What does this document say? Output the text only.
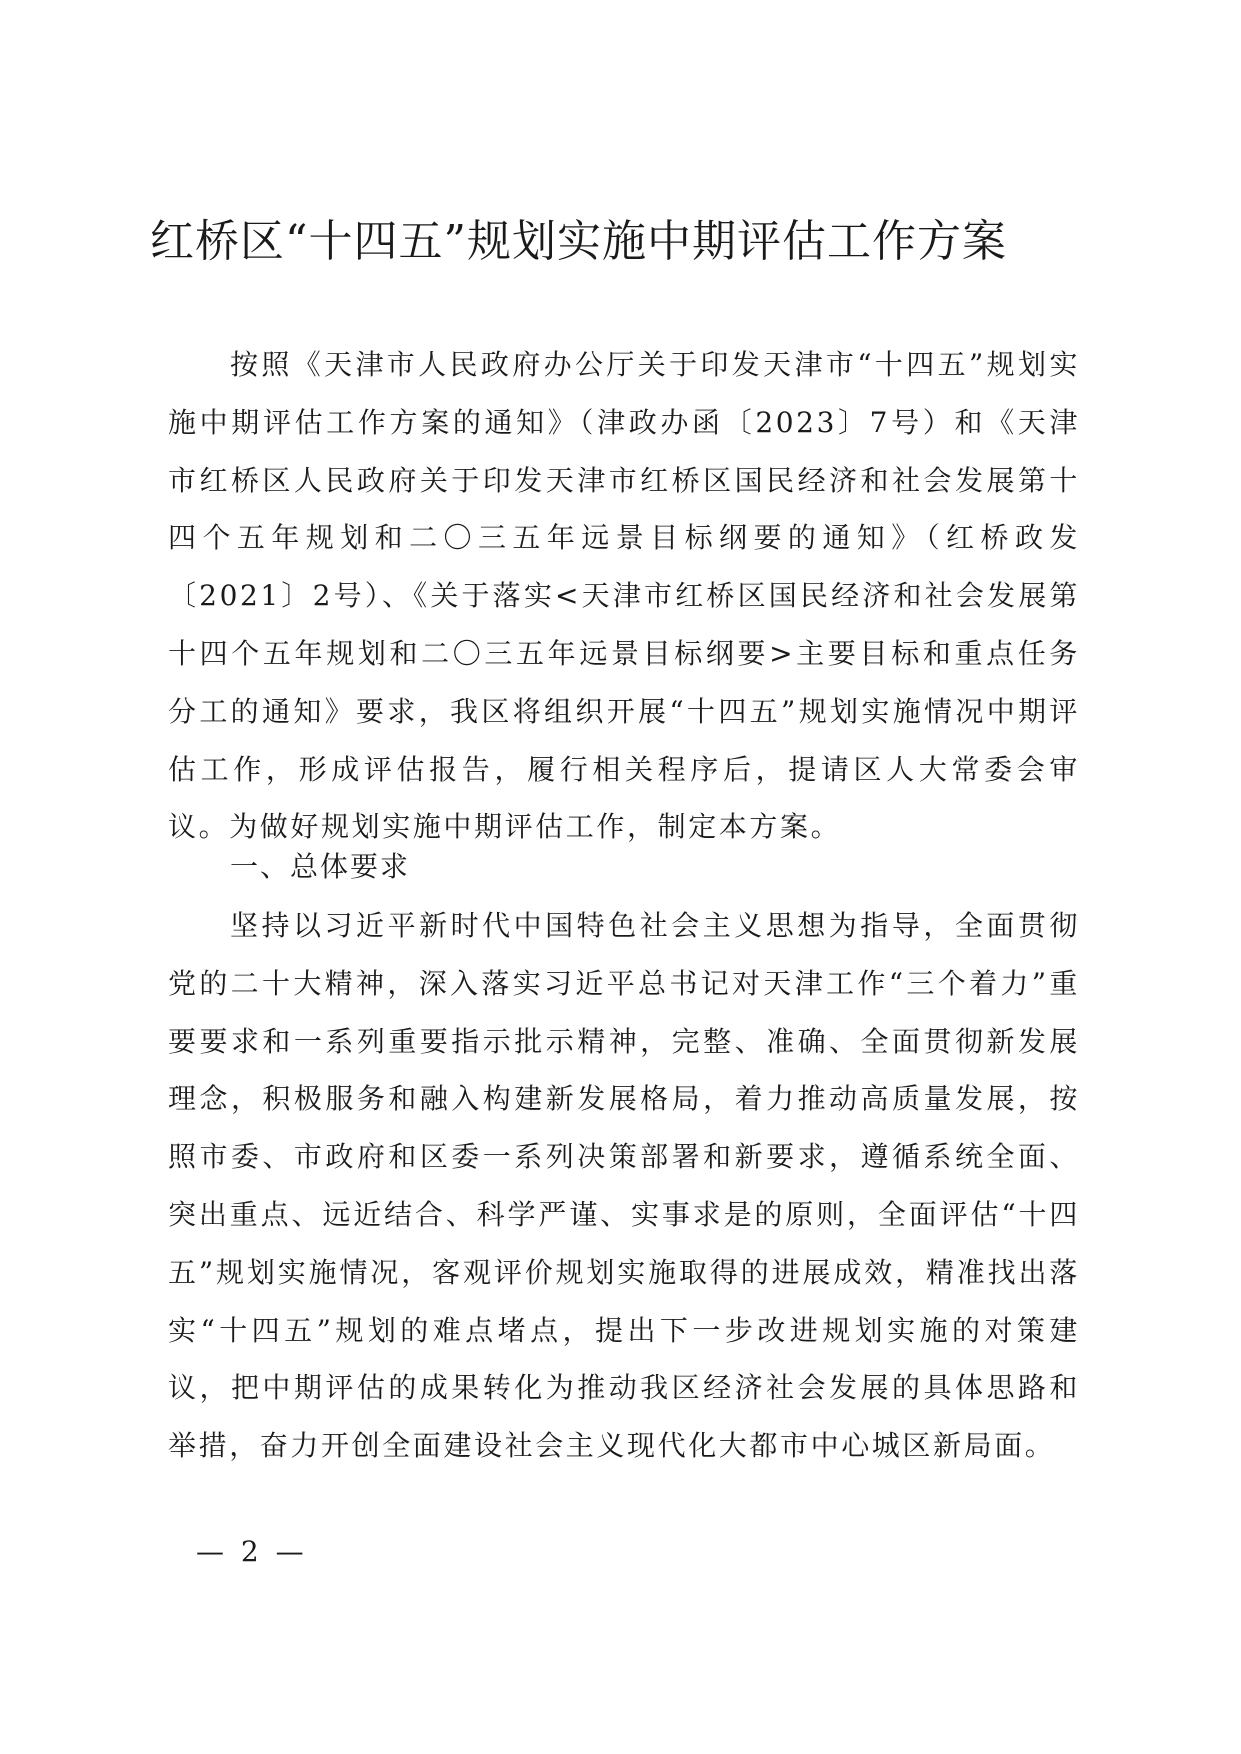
红桥区“十四五”规划实施中期评估工作方案

按照《天津市人民政府办公厅关于印发天津市“十四五”规划实施中期评估工作方案的通知》（津政办函〔2023〕7号）和《天津市红桥区人民政府关于印发天津市红桥区国民经济和社会发展第十四个五年规划和二〇三五年远景目标纲要的通知》（红桥政发〔2021〕2号）、《关于落实<天津市红桥区国民经济和社会发展第十四个五年规划和二〇三五年远景目标纲要>主要目标和重点任务分工的通知》要求，我区将组织开展“十四五”规划实施情况中期评估工作，形成评估报告，履行相关程序后，提请区人大常委会审议。为做好规划实施中期评估工作，制定本方案。

一、总体要求

坚持以习近平新时代中国特色社会主义思想为指导，全面贯彻党的二十大精神，深入落实习近平总书记对天津工作“三个着力”重要要求和一系列重要指示批示精神，完整、准确、全面贯彻新发展理念，积极服务和融入构建新发展格局，着力推动高质量发展，按照市委、市政府和区委一系列决策部署和新要求，遵循系统全面、突出重点、远近结合、科学严谨、实事求是的原则，全面评估“十四五”规划实施情况，客观评价规划实施取得的进展成效，精准找出落实“十四五”规划的难点堵点，提出下一步改进规划实施的对策建议，把中期评估的成果转化为推动我区经济社会发展的具体思路和举措，奋力开创全面建设社会主义现代化大都市中心城区新局面。

— 2 —
